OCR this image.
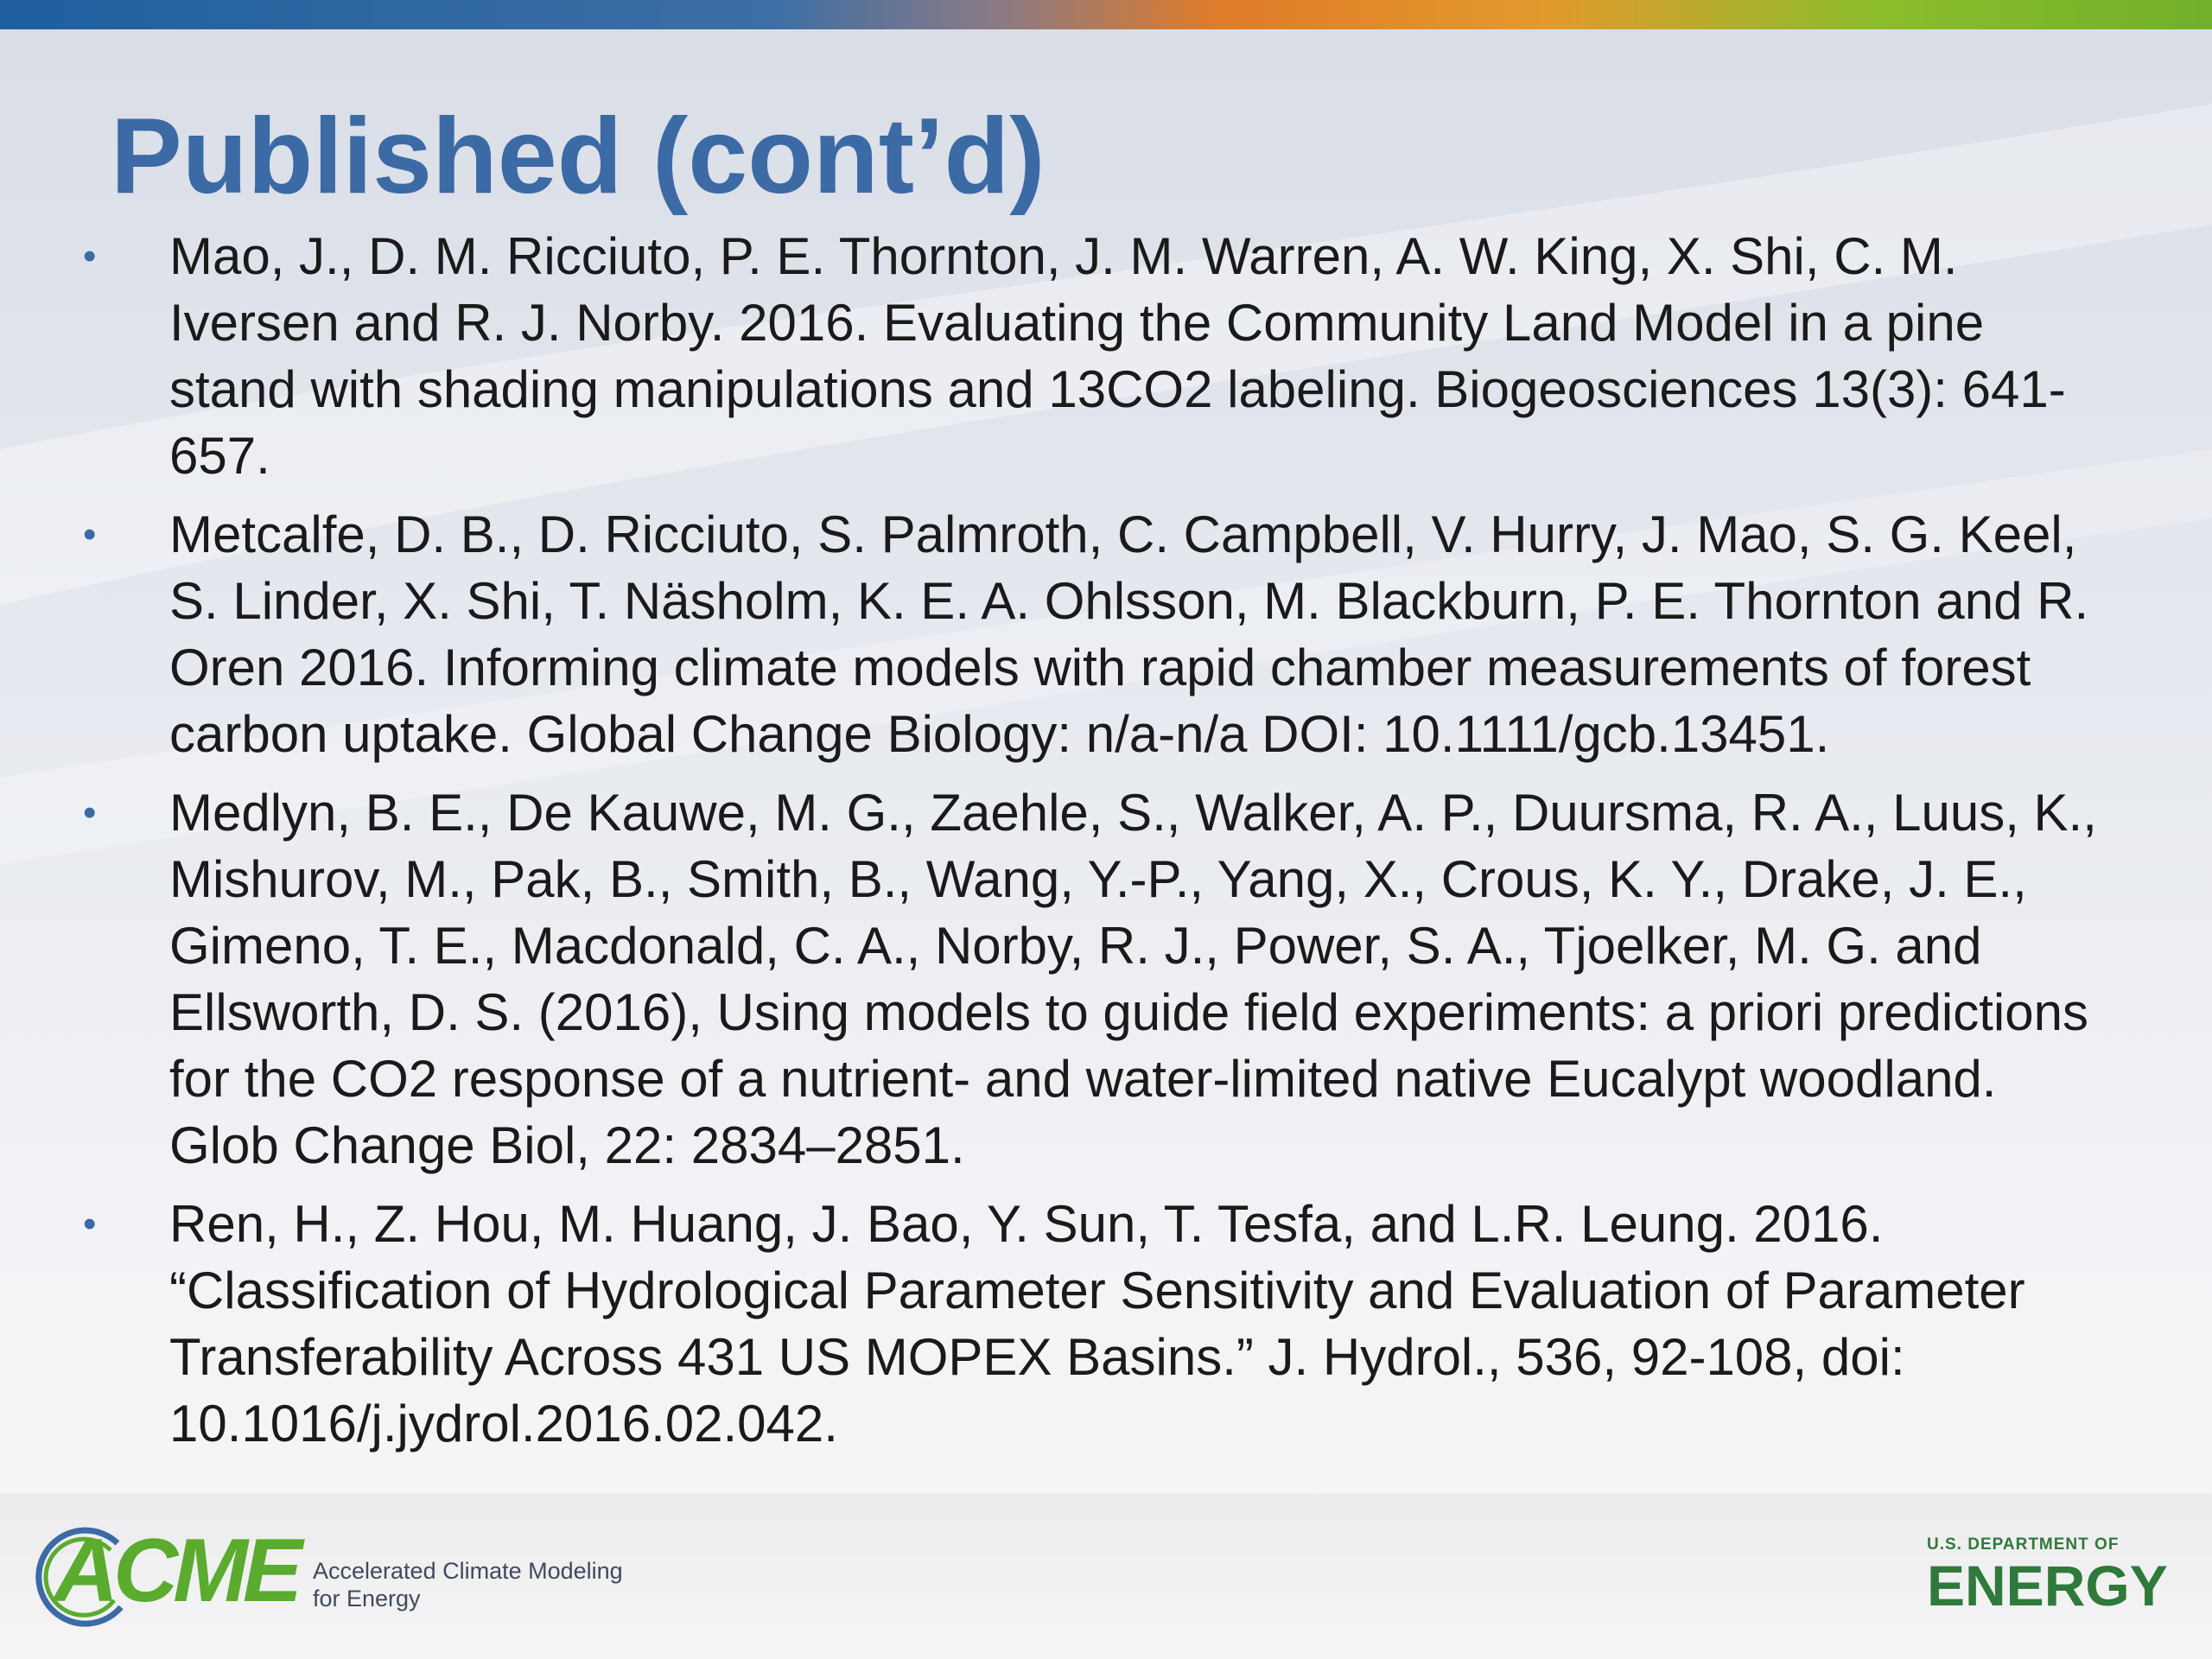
Published (cont’d)
• Mao, J., D. M. Ricciuto, P. E. Thornton, J. M. Warren, A. W. King, X. Shi, C. M. Iversen and R. J. Norby. 2016. Evaluating the Community Land Model in a pine stand with shading manipulations and 13CO2 labeling. Biogeosciences 13(3): 641-657.
• Metcalfe, D. B., D. Ricciuto, S. Palmroth, C. Campbell, V. Hurry, J. Mao, S. G. Keel, S. Linder, X. Shi, T. Näsholm, K. E. A. Ohlsson, M. Blackburn, P. E. Thornton and R. Oren 2016. Informing climate models with rapid chamber measurements of forest carbon uptake. Global Change Biology: n/a-n/a DOI: 10.1111/gcb.13451.
• Medlyn, B. E., De Kauwe, M. G., Zaehle, S., Walker, A. P., Duursma, R. A., Luus, K., Mishurov, M., Pak, B., Smith, B., Wang, Y.-P., Yang, X., Crous, K. Y., Drake, J. E., Gimeno, T. E., Macdonald, C. A., Norby, R. J., Power, S. A., Tjoelker, M. G. and Ellsworth, D. S. (2016), Using models to guide field experiments: a priori predictions for the CO2 response of a nutrient- and water-limited native Eucalypt woodland. Glob Change Biol, 22: 2834–2851.
• Ren, H., Z. Hou, M. Huang, J. Bao, Y. Sun, T. Tesfa, and L.R. Leung. 2016. “Classification of Hydrological Parameter Sensitivity and Evaluation of Parameter Transferability Across 431 US MOPEX Basins.” J. Hydrol., 536, 92-108, doi: 10.1016/j.jydrol.2016.02.042.
ACME Accelerated Climate Modeling
for Energy
U.S. DEPARTMENT OF
ENERGY
